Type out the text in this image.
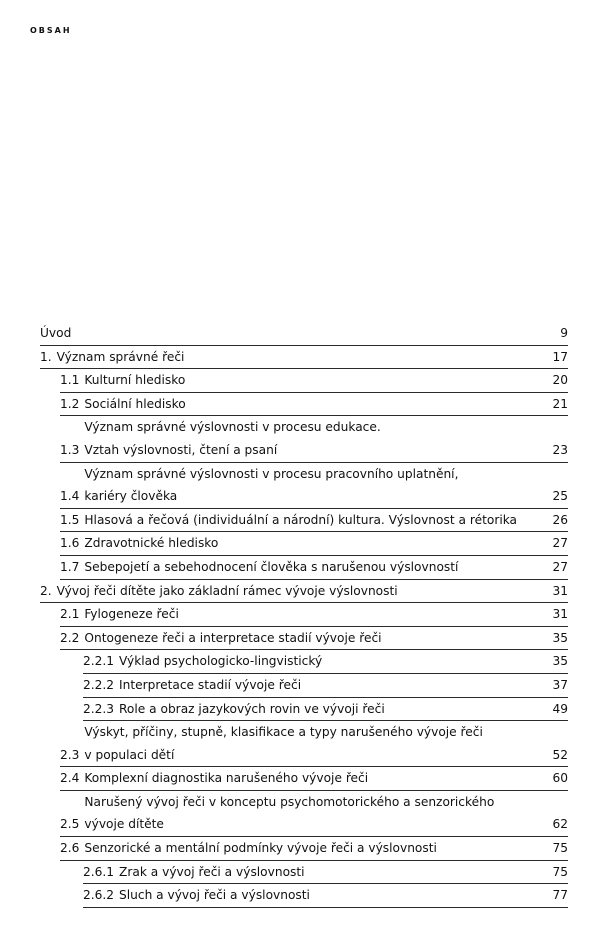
OBSAH
Úvod	9
1. Význam správné řeči	17
1.1 Kulturní hledisko	20
1.2 Sociální hledisko	21
1.3
Význam správné výslovnosti v procesu edukace.
Vztah výslovnosti, čtení a psaní	23
1.4
Význam správné výslovnosti v procesu pracovního uplatnění,
kariéry člověka	25
1.5 Hlasová a řečová (individuální a národní) kultura. Výslovnost a rétorika	26
1.6 Zdravotnické hledisko	27
1.7 Sebepojetí a sebehodnocení člověka s narušenou výslovností	27
2. Vývoj řeči dítěte jako základní rámec vývoje výslovnosti	31
2.1 Fylogeneze řeči	31
2.2 Ontogeneze řeči a interpretace stadií vývoje řeči	35
2.2.1 Výklad psychologicko-lingvistický	35
2.2.2 Interpretace stadií vývoje řeči	37
2.2.3 Role a obraz jazykových rovin ve vývoji řeči	49
2.3
Výskyt, příčiny, stupně, klasifikace a typy narušeného vývoje řeči
v populaci dětí	52
2.4 Komplexní diagnostika narušeného vývoje řeči	60
2.5
Narušený vývoj řeči v konceptu psychomotorického a senzorického
vývoje dítěte	62
2.6 Senzorické a mentální podmínky vývoje řeči a výslovnosti	75
2.6.1 Zrak a vývoj řeči a výslovnosti	75
2.6.2 Sluch a vývoj řeči a výslovnosti	77
